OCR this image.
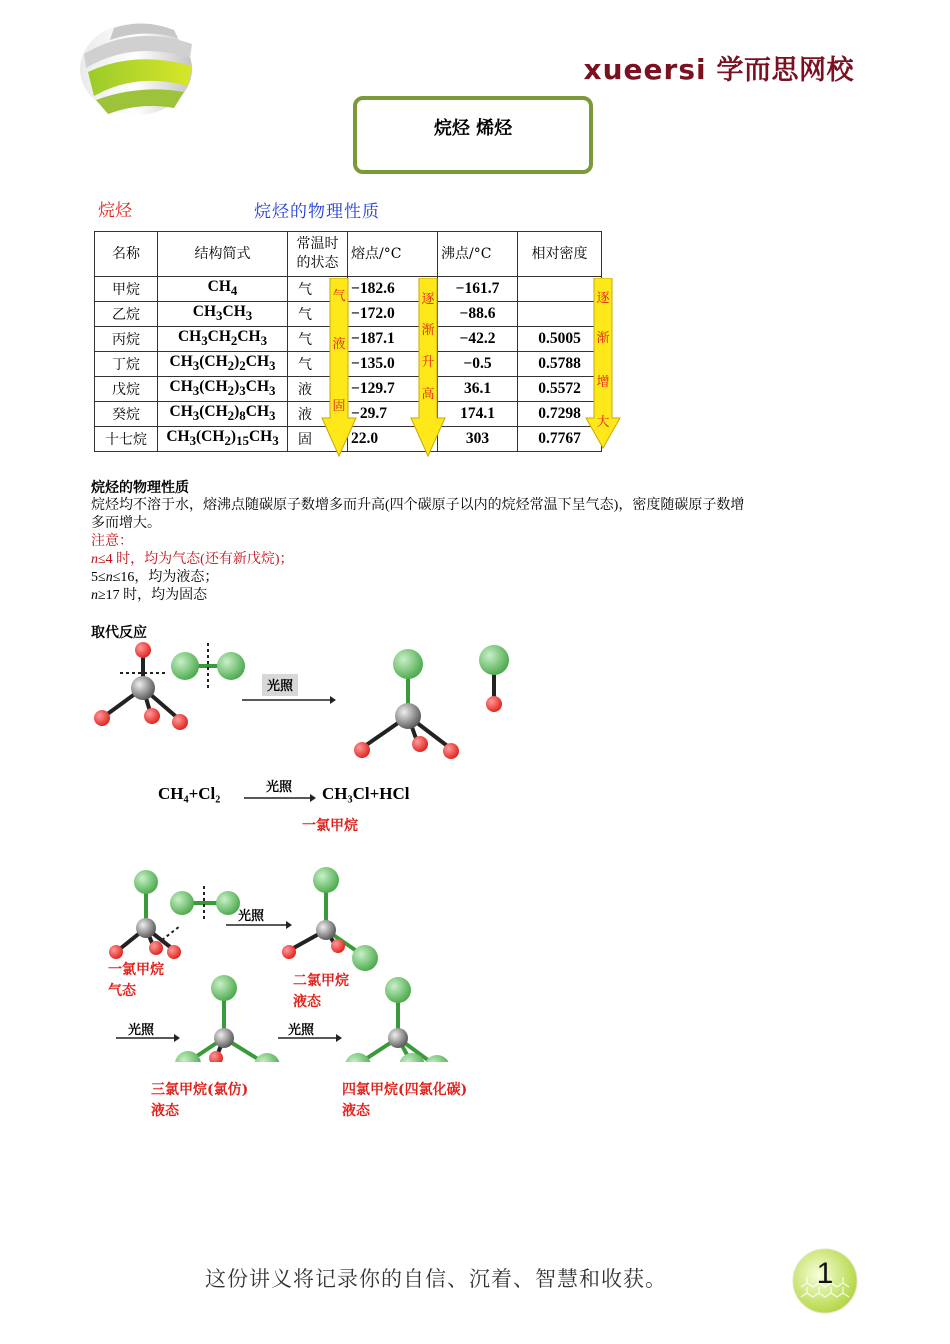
xueersi 学而思网校
烷烃 烯烃
烷烃	烷烃的物理性质
名称	结构简式	常温时
的状态	熔点/°C	沸点/°C	相对密度
甲烷	$CH_4$	气	−182.6	−161.7	
乙烷	$CH_3CH_3$	气	−172.0	−88.6	
丙烷	$CH_3CH_2CH_3$	气	−187.1	−42.2	0.5005
丁烷	$CH_3(CH_2)_2CH_3$	气	−135.0	−0.5	0.5788
戊烷	$CH_3(CH_2)_3CH_3$	液	−129.7	36.1	0.5572
癸烷	$CH_3(CH_2)_8CH_3$	液	−29.7	174.1	0.7298
十七烷	$CH_3(CH_2)_{15}CH_3$	固	22.0	303	0.7767
气
液
固
逐
渐
升
高
逐
渐
增
大
烷烃的物理性质
烷烃均不溶于水，熔沸点随碳原子数增多而升高(四个碳原子以内的烷烃常温下呈气态)，密度随碳原子数增
多而增大。
注意：
n≤4 时，均为气态(还有新戊烷)；
5≤n≤16，均为液态；
n≥17 时，均为固态
取代反应
光照
CH₄+Cl₂	光照 CH₃Cl+HCl
一氯甲烷
光照
光照	光照
一氯甲烷
气态
二氯甲烷
液态
三氯甲烷(氯仿)
液态
四氯甲烷(四氯化碳)
液态
这份讲义将记录你的自信、沉着、智慧和收获。	1
